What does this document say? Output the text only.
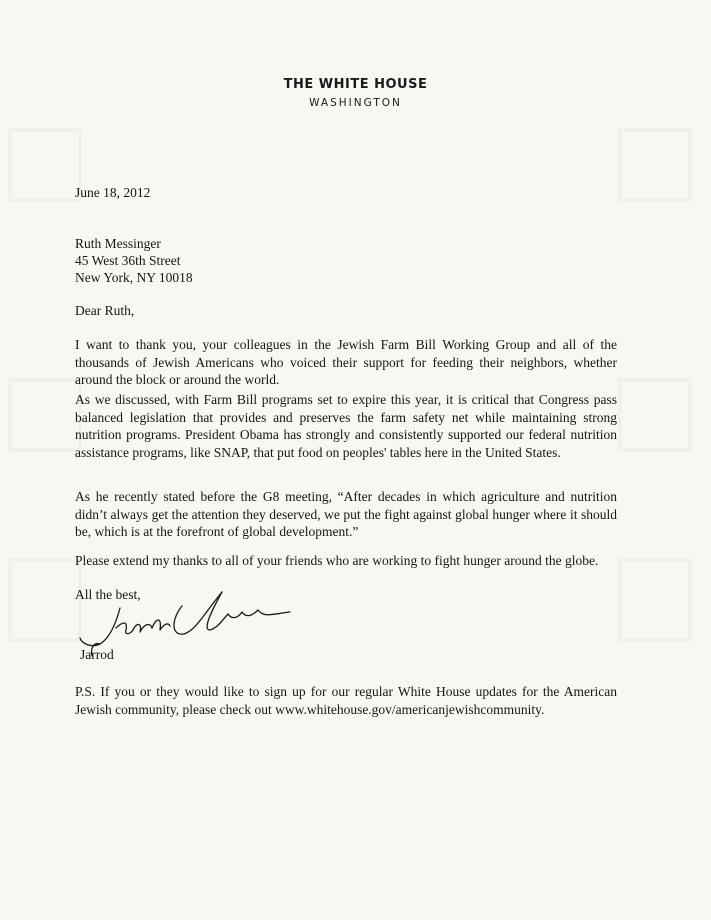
THE WHITE HOUSE
WASHINGTON
June 18, 2012
Ruth Messinger
45 West 36th Street
New York, NY 10018
Dear Ruth,
I want to thank you, your colleagues in the Jewish Farm Bill Working Group and all of the thousands of Jewish Americans who voiced their support for feeding their neighbors, whether around the block or around the world.
As we discussed, with Farm Bill programs set to expire this year, it is critical that Congress pass balanced legislation that provides and preserves the farm safety net while maintaining strong nutrition programs. President Obama has strongly and consistently supported our federal nutrition assistance programs, like SNAP, that put food on peoples' tables here in the United States.
As he recently stated before the G8 meeting, “After decades in which agriculture and nutrition didn’t always get the attention they deserved, we put the fight against global hunger where it should be, which is at the forefront of global development.”
Please extend my thanks to all of your friends who are working to fight hunger around the globe.
All the best,
Jarrod
P.S. If you or they would like to sign up for our regular White House updates for the American Jewish community, please check out www.whitehouse.gov/americanjewishcommunity.
